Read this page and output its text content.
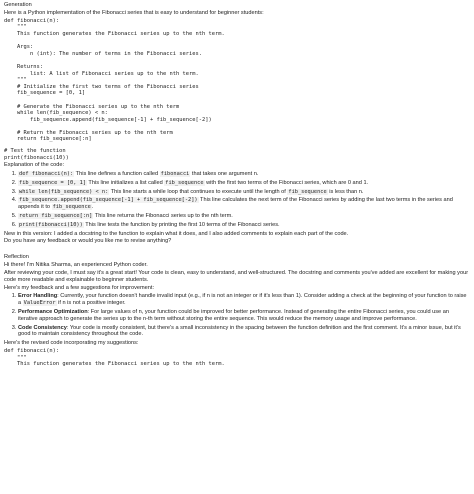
Generation
Here is a Python implementation of the Fibonacci series that is easy to understand for beginner students:
def fibonacci(n):
"""
This function generates the Fibonacci series up to the nth term.

Args:
n (int): The number of terms in the Fibonacci series.

Returns:
list: A list of Fibonacci series up to the nth term.
"""
# Initialize the first two terms of the Fibonacci series
fib_sequence = [0, 1]

# Generate the Fibonacci series up to the nth term
while len(fib_sequence) < n:
fib_sequence.append(fib_sequence[-1] + fib_sequence[-2])

# Return the Fibonacci series up to the nth term
return fib_sequence[:n]
# Test the function
print(fibonacci(10))
Explanation of the code:
1. def fibonacci(n): This line defines a function called fibonacci that takes one argument n.
2. fib_sequence = [0, 1] This line initializes a list called fib_sequence with the first two terms of the Fibonacci series, which are 0 and 1.
3. while len(fib_sequence) < n: This line starts a while loop that continues to execute until the length of fib_sequence is less than n.
4. fib_sequence.append(fib_sequence[-1] + fib_sequence[-2]) This line calculates the next term of the Fibonacci series by adding the last two terms in the series and appends it to fib_sequence.
5. return fib_sequence[:n] This line returns the Fibonacci series up to the nth term.
6. print(fibonacci(10)) This line tests the function by printing the first 10 terms of the Fibonacci series.
New in this version: I added a docstring to the function to explain what it does, and I also added comments to explain each part of the code.
Do you have any feedback or would you like me to revise anything?
Reflection
Hi there! I'm Nitika Sharma, an experienced Python coder.
After reviewing your code, I must say it's a great start! Your code is clean, easy to understand, and well-structured. The docstring and comments you've added are excellent for making your code more readable and explainable to beginner students.
Here's my feedback and a few suggestions for improvement:
1. Error Handling: Currently, your function doesn't handle invalid input (e.g., if n is not an integer or if it's less than 1). Consider adding a check at the beginning of your function to raise a ValueError if n is not a positive integer.
2. Performance Optimization: For large values of n, your function could be improved for better performance. Instead of generating the entire Fibonacci series, you could use an iterative approach to generate the series up to the n-th term without storing the entire sequence. This would reduce the memory usage and improve performance.
3. Code Consistency: Your code is mostly consistent, but there's a small inconsistency in the spacing between the function definition and the first comment. It's a minor issue, but it's good to maintain consistency throughout the code.
Here's the revised code incorporating my suggestions:
def fibonacci(n):
"""
This function generates the Fibonacci series up to the nth term.
